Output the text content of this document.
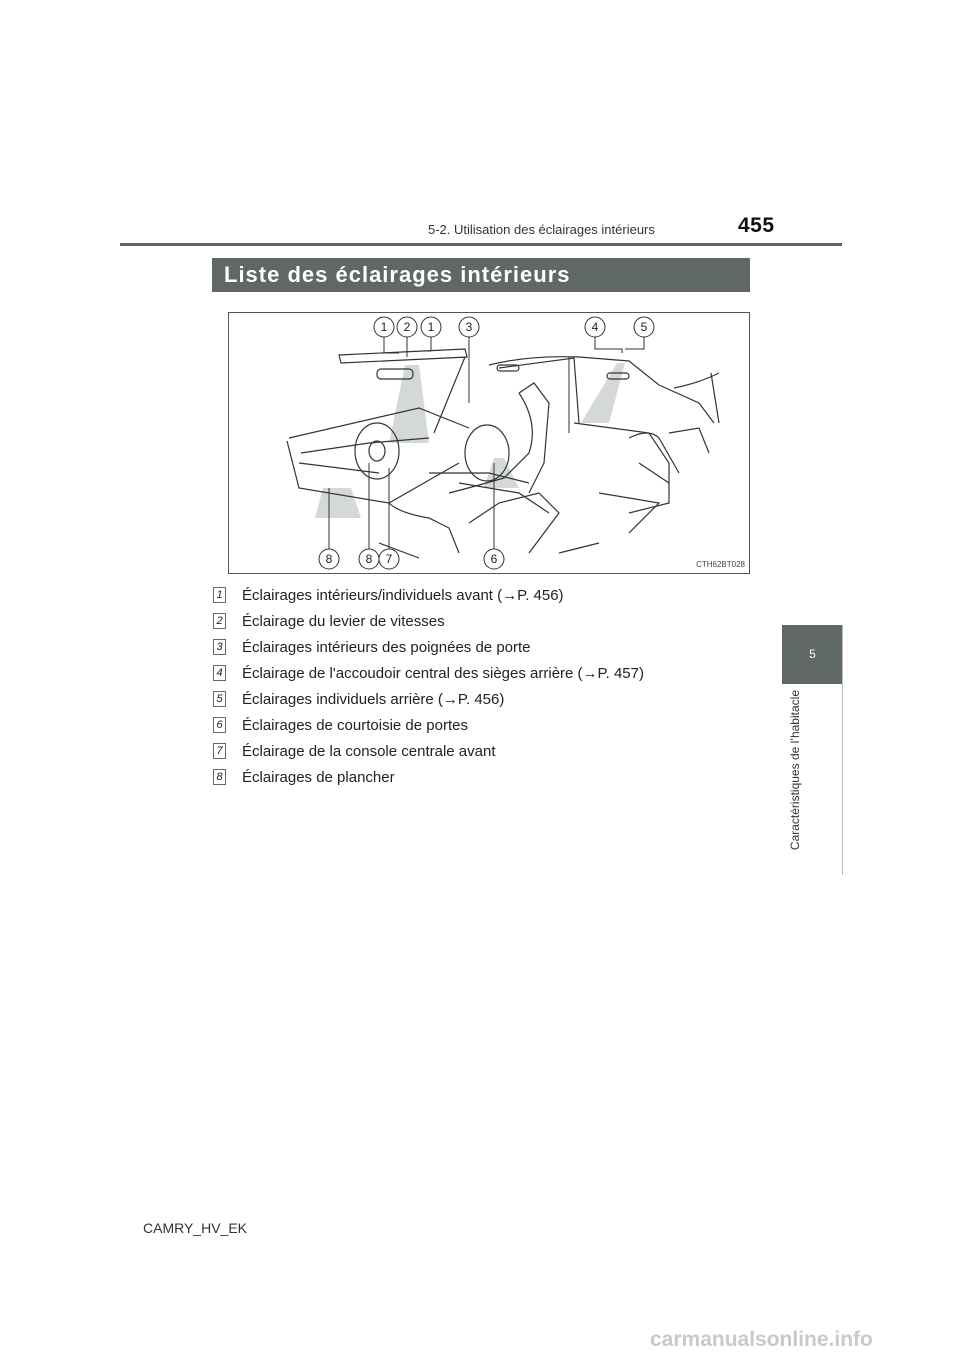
5-2. Utilisation des éclairages intérieurs	455
Liste des éclairages intérieurs
5
Caractéristiques de l’habitacle
1 2 1	3	4	5
8	8 7	6	CTH62BT028
1 Éclairages intérieurs/individuels avant (→P. 456)
2 Éclairage du levier de vitesses
3 Éclairages intérieurs des poignées de porte
4 Éclairage de l'accoudoir central des sièges arrière (→P. 457)
5 Éclairages individuels arrière (→P. 456)
6 Éclairages de courtoisie de portes
7 Éclairage de la console centrale avant
8 Éclairages de plancher
CAMRY_HV_EK
carmanualsonline.info
